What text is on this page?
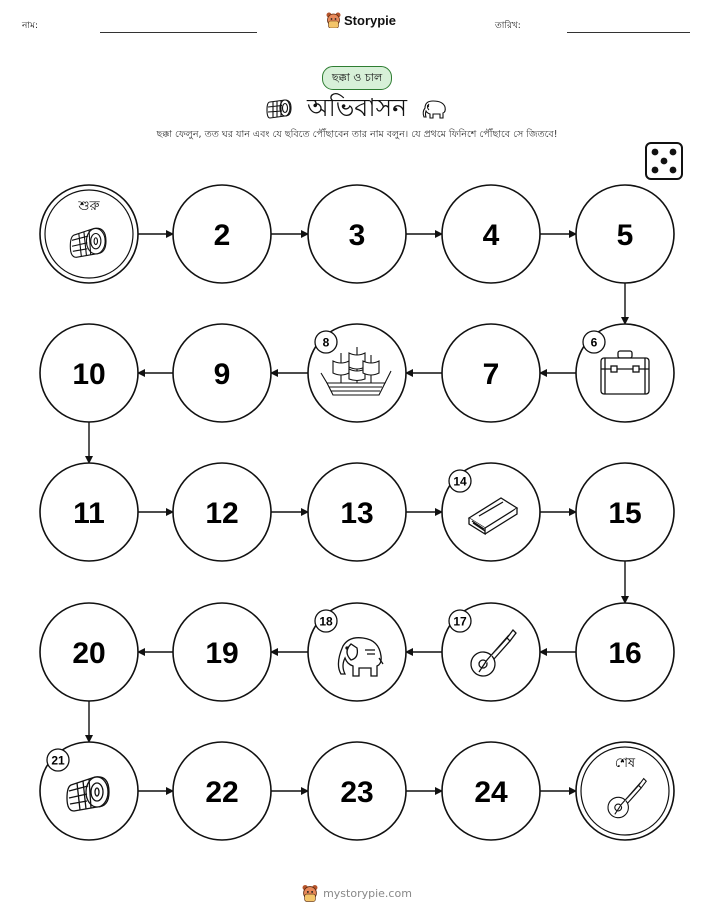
নাম:	Storypie	তারিখ:
ছক্কা ও চাল
অভিবাসন
ছক্কা ফেলুন, তত ঘর যান এবং যে ছবিতে পৌঁছাবেন তার নাম বলুন। যে প্রথমে ফিনিশে পৌঁছাবে সে জিতবে!
শুরু
2	3	4	5
6
7
8
9
10
11	12	13
14
15
16
17
18
19
20
21
22	23	24
শেষ
mystorypie.com
